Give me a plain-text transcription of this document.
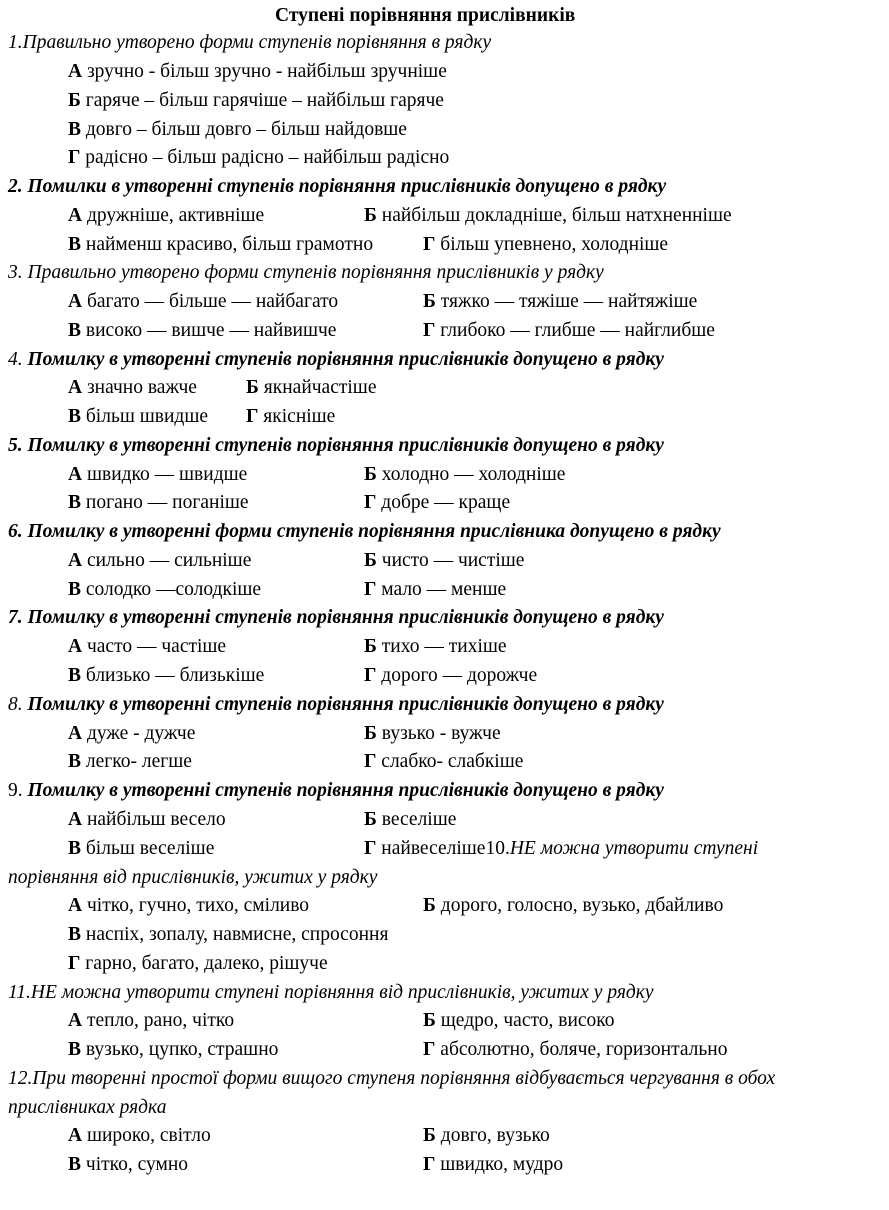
Ступені порівняння прислівників
1.Правильно утворено форми ступенів порівняння в рядку
А зручно - більш зручно - найбільш зручніше
Б гаряче – більш гарячіше – найбільш гаряче
В довго – більш довго – більш найдовше
Г радісно – більш радісно – найбільш радісно
2. Помилки в утворенні ступенів порівняння прислівників допущено в рядку
А дружніше, активніше	Б найбільш докладніше, більш натхненніше
В найменш красиво, більш грамотно	Г більш упевнено, холодніше
3. Правильно утворено форми ступенів порівняння прислівників у рядку
А багато — більше — найбагато	Б тяжко — тяжіше — найтяжіше
В високо — вишче — найвишче	Г глибоко — глибше — найглибше
4. Помилку в утворенні ступенів порівняння прислівників допущено в рядку
А значно важче	Б якнайчастіше
В більш швидше Г якісніше
5. Помилку в утворенні ступенів порівняння прислівників допущено в рядку
А швидко — швидше	Б холодно — холодніше
В погано — поганіше	Г добре — краще
6. Помилку в утворенні форми ступенів порівняння прислівника допущено в рядку
А сильно — сильніше	Б чисто — чистіше
В солодко —солодкіше	Г мало — менше
7. Помилку в утворенні ступенів порівняння прислівників допущено в рядку
А часто — частіше	Б тихо — тихіше
В близько — близькіше	Г дорого — дорожче
8. Помилку в утворенні ступенів порівняння прислівників допущено в рядку
А дуже - дужче	Б вузько - вужче
В легко- легше	Г слабко- слабкіше
9. Помилку в утворенні ступенів порівняння прислівників допущено в рядку
А найбільш весело	Б веселіше
В більш веселіше	Г найвеселіше10.НЕ можна утворити ступені
порівняння від прислівників, ужитих у рядку
А чітко, гучно, тихо, сміливо	Б дорого, голосно, вузько, дбайливо
В наспіх, зопалу, навмисне, спросоння
Г гарно, багато, далеко, рішуче
11.НЕ можна утворити ступені порівняння від прислівників, ужитих у рядку
А тепло, рано, чітко	Б щедро, часто, високо
В вузько, цупко, страшно	Г абсолютно, боляче, горизонтально
12.При творенні простої форми вищого ступеня порівняння відбувається чергування в обох
прислівниках рядка
А широко, світло	Б довго, вузько
В чітко, сумно	Г швидко, мудро
